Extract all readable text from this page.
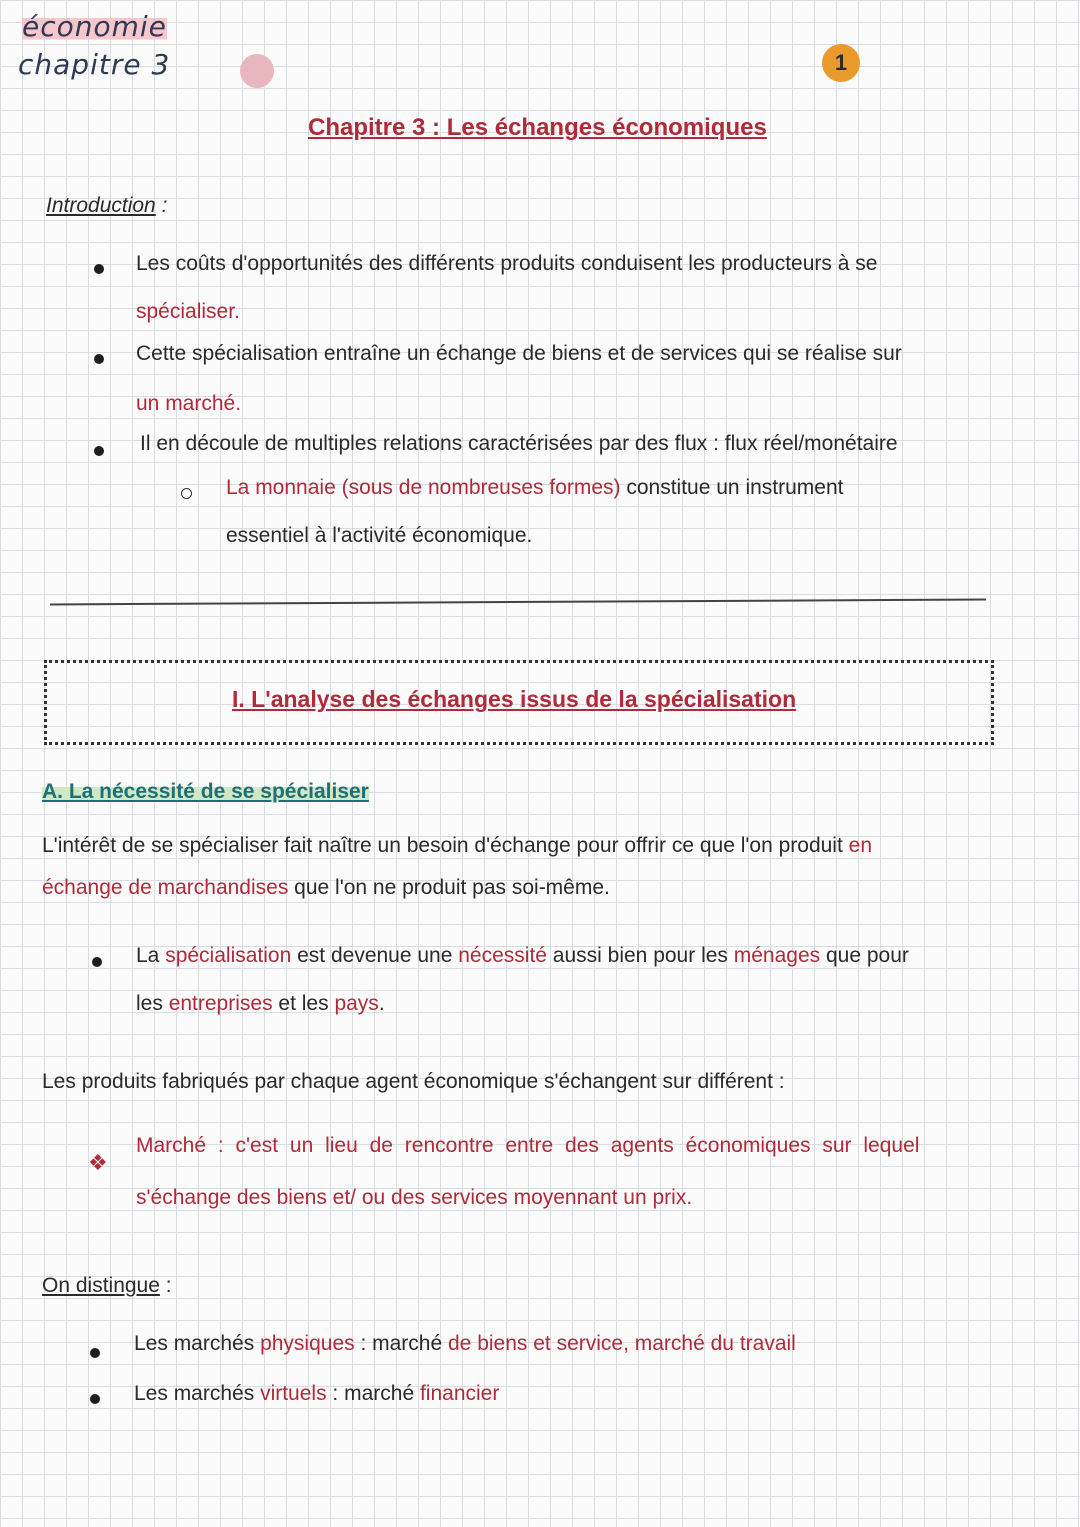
économie
chapitre 3	1
Chapitre 3 : Les échanges économiques
Introduction :
Les coûts d'opportunités des différents produits conduisent les producteurs à se
spécialiser.
Cette spécialisation entraîne un échange de biens et de services qui se réalise sur
un marché.
Il en découle de multiples relations caractérisées par des flux : flux réel/monétaire
La monnaie (sous de nombreuses formes) constitue un instrument
essentiel à l'activité économique.
I. L'analyse des échanges issus de la spécialisation
A. La nécessité de se spécialiser
L'intérêt de se spécialiser fait naître un besoin d'échange pour offrir ce que l'on produit en
échange de marchandises que l'on ne produit pas soi-même.
La spécialisation est devenue une nécessité aussi bien pour les ménages que pour
les entreprises et les pays.
Les produits fabriqués par chaque agent économique s'échangent sur différent :
❖
Marché : c'est un lieu de rencontre entre des agents économiques sur lequel
s'échange des biens et/ ou des services moyennant un prix.
On distingue :
Les marchés physiques : marché de biens et service, marché du travail
Les marchés virtuels : marché financier
